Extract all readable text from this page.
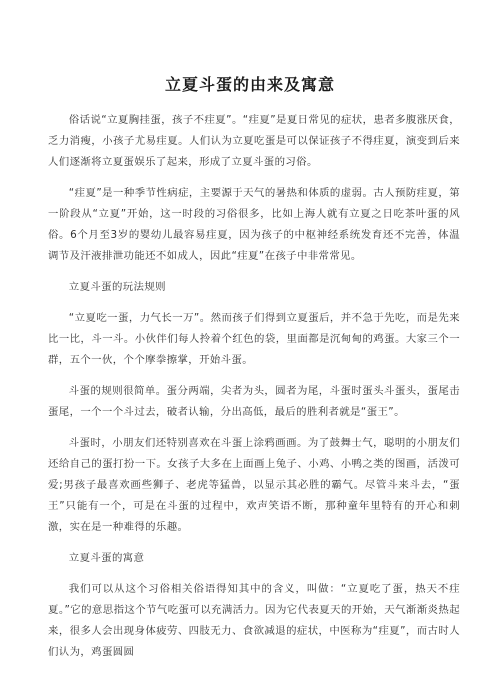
立夏斗蛋的由来及寓意

俗话说“立夏胸挂蛋，孩子不疰夏”。“疰夏”是夏日常见的症状，患者多腹涨厌食，乏力消瘦，小孩子尤易疰夏。人们认为立夏吃蛋是可以保证孩子不得疰夏，演变到后来人们逐渐将立夏蛋娱乐了起来，形成了立夏斗蛋的习俗。

“疰夏”是一种季节性病症，主要源于天气的暑热和体质的虚弱。古人预防疰夏，第一阶段从“立夏”开始，这一时段的习俗很多，比如上海人就有立夏之日吃茶叶蛋的风俗。6个月至3岁的婴幼儿最容易疰夏，因为孩子的中枢神经系统发育还不完善，体温调节及汗液排泄功能还不如成人，因此“疰夏”在孩子中非常常见。

立夏斗蛋的玩法规则

“立夏吃一蛋，力气长一万”。然而孩子们得到立夏蛋后，并不急于先吃，而是先来比一比，斗一斗。小伙伴们每人拎着个红色的袋，里面都是沉甸甸的鸡蛋。大家三个一群，五个一伙，个个摩拳擦掌，开始斗蛋。

斗蛋的规则很简单。蛋分两端，尖者为头，圆者为尾，斗蛋时蛋头斗蛋头，蛋尾击蛋尾，一个一个斗过去，破者认输，分出高低，最后的胜利者就是“蛋王”。

斗蛋时，小朋友们还特别喜欢在斗蛋上涂鸦画画。为了鼓舞士气，聪明的小朋友们还给自己的蛋打扮一下。女孩子大多在上面画上兔子、小鸡、小鸭之类的图画，活泼可爱;男孩子最喜欢画些狮子、老虎等猛兽，以显示其必胜的霸气。尽管斗来斗去，“蛋王”只能有一个，可是在斗蛋的过程中，欢声笑语不断，那种童年里特有的开心和刺激，实在是一种难得的乐趣。

立夏斗蛋的寓意

我们可以从这个习俗相关俗语得知其中的含义，叫做：“立夏吃了蛋，热天不疰夏。”它的意思指这个节气吃蛋可以充满活力。因为它代表夏天的开始，天气渐渐炎热起来，很多人会出现身体疲劳、四肢无力、食欲减退的症状，中医称为“疰夏”，而古时人们认为，鸡蛋圆圆
